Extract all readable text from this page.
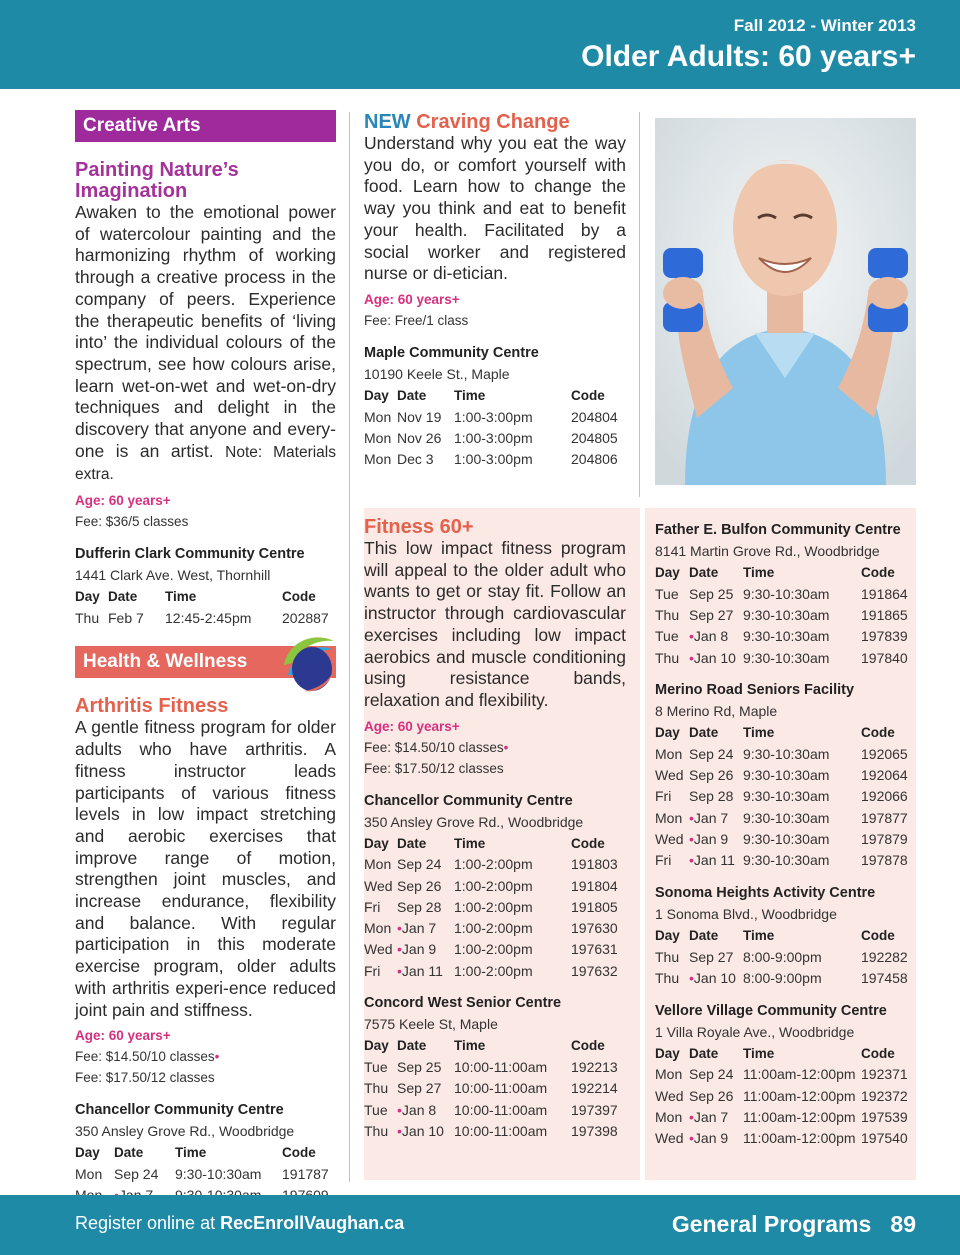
Fall 2012 - Winter 2013
Older Adults: 60 years+
Creative Arts
Painting Nature’s Imagination

Awaken to the emotional power of watercolour painting and the harmonizing rhythm of working through a creative process in the company of peers. Experience the therapeutic benefits of ‘living into’ the individual colours of the spectrum, see how colours arise, learn wet-on-wet and wet-on-dry techniques and delight in the discovery that anyone and every-one is an artist. Note: Materials extra.

Age: 60 years+
Fee: $36/5 classes
Dufferin Clark Community Centre
1441 Clark Ave. West, Thornhill
Day	Date	Time	Code
Thu	Feb 7	12:45-2:45pm	202887
Health & Wellness
Arthritis Fitness

A gentle fitness program for older adults who have arthritis. A fitness instructor leads participants of various fitness levels in low impact stretching and aerobic exercises that improve range of motion, strengthen joint muscles, and increase endurance, flexibility and balance. With regular participation in this moderate exercise program, older adults with arthritis experi-ence reduced joint pain and stiffness.

Age: 60 years+
Fee: $14.50/10 classes•
Fee: $17.50/12 classes
Chancellor Community Centre
350 Ansley Grove Rd., Woodbridge
Day	Date	Time	Code
Mon	Sep 24	9:30-10:30am	191787

NEW Craving Change

Understand why you eat the way you do, or comfort yourself with food. Learn how to change the way you think and eat to benefit your health. Facilitated by a social worker and registered nurse or di-etician.

Age: 60 years+
Fee: Free/1 class
Maple Community Centre
10190 Keele St., Maple
Day	Date	Time	Code
Mon	Nov 19	1:00-3:00pm	204804
Mon	Nov 26	1:00-3:00pm	204805
Mon	Dec 3	1:00-3:00pm	204806
Fitness 60+

This low impact fitness program will appeal to the older adult who wants to get or stay fit. Follow an instructor through cardiovascular exercises including low impact aerobics and muscle conditioning using resistance bands, relaxation and flexibility.

Age: 60 years+
Fee: $14.50/10 classes•
Fee: $17.50/12 classes
Chancellor Community Centre
350 Ansley Grove Rd., Woodbridge
Day	Date	Time	Code
Mon	Sep 24	1:00-2:00pm	191803
Wed	Sep 26	1:00-2:00pm	191804
Fri	Sep 28	1:00-2:00pm	191805
Mon	•Jan 7	1:00-2:00pm	197630
Wed	•Jan 9	1:00-2:00pm	197631
Fri	•Jan 11	1:00-2:00pm	197632
Concord West Senior Centre
7575 Keele St, Maple
Day	Date	Time	Code
Tue	Sep 25	10:00-11:00am	192213
Thu	Sep 27	10:00-11:00am	192214
Tue	•Jan 8	10:00-11:00am	197397
Thu	•Jan 10	10:00-11:00am	197398
Father E. Bulfon Community Centre
8141 Martin Grove Rd., Woodbridge
Day	Date	Time	Code
Tue	Sep 25	9:30-10:30am	191864
Thu	Sep 27	9:30-10:30am	191865
Tue	•Jan 8	9:30-10:30am	197839
Thu	•Jan 10	9:30-10:30am	197840
Merino Road Seniors Facility
8 Merino Rd, Maple
Day	Date	Time	Code
Mon	Sep 24	9:30-10:30am	192065
Wed	Sep 26	9:30-10:30am	192064
Fri	Sep 28	9:30-10:30am	192066
Mon	•Jan 7	9:30-10:30am	197877
Wed	•Jan 9	9:30-10:30am	197879
Fri	•Jan 11	9:30-10:30am	197878
Sonoma Heights Activity Centre
1 Sonoma Blvd., Woodbridge
Day	Date	Time	Code
Thu	Sep 27	8:00-9:00pm	192282
Thu	•Jan 10	8:00-9:00pm	197458
Vellore Village Community Centre
1 Villa Royale Ave., Woodbridge
Day	Date	Time	Code
Mon	Sep 24	11:00am-12:00pm	192371
Wed	Sep 26	11:00am-12:00pm	192372
Mon	•Jan 7	11:00am-12:00pm	197539
Wed	•Jan 9	11:00am-12:00pm	197540
Register online at RecEnrollVaughan.ca	General Programs 89
